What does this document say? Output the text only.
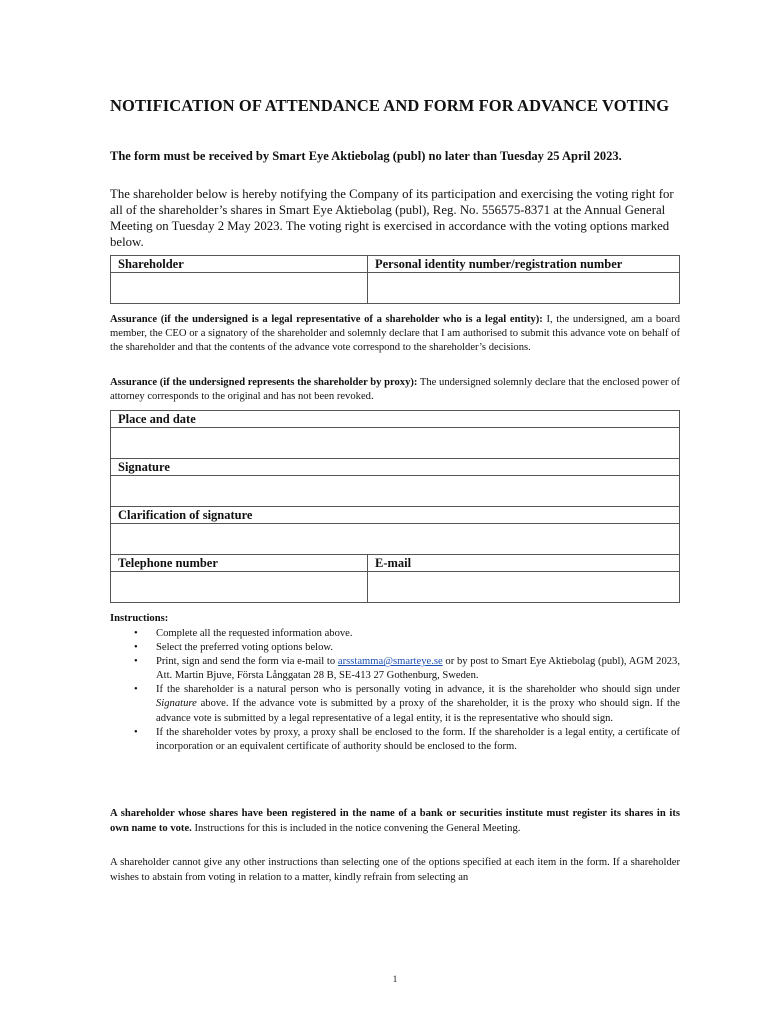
NOTIFICATION OF ATTENDANCE AND FORM FOR ADVANCE VOTING

The form must be received by Smart Eye Aktiebolag (publ) no later than Tuesday 25 April 2023.

The shareholder below is hereby notifying the Company of its participation and exercising the voting right for all of the shareholder’s shares in Smart Eye Aktiebolag (publ), Reg. No. 556575-8371 at the Annual General Meeting on Tuesday 2 May 2023. The voting right is exercised in accordance with the voting options marked below.

Shareholder	Personal identity number/registration number

Assurance (if the undersigned is a legal representative of a shareholder who is a legal entity): I, the undersigned, am a board member, the CEO or a signatory of the shareholder and solemnly declare that I am authorised to submit this advance vote on behalf of the shareholder and that the contents of the advance vote correspond to the shareholder’s decisions.

Assurance (if the undersigned represents the shareholder by proxy): The undersigned solemnly declare that the enclosed power of attorney corresponds to the original and has not been revoked.

Place and date	

Signature	

Clarification of signature	

Telephone number	E-mail

Instructions:

• Complete all the requested information above.
• Select the preferred voting options below.
• Print, sign and send the form via e-mail to arsstamma@smarteye.se or by post to Smart Eye Aktiebolag (publ), AGM 2023, Att. Martin Bjuve, Första Långgatan 28 B, SE-413 27 Gothenburg, Sweden.
• If the shareholder is a natural person who is personally voting in advance, it is the shareholder who should sign under Signature above. If the advance vote is submitted by a proxy of the shareholder, it is the proxy who should sign. If the advance vote is submitted by a legal representative of a legal entity, it is the representative who should sign.
• If the shareholder votes by proxy, a proxy shall be enclosed to the form. If the shareholder is a legal entity, a certificate of incorporation or an equivalent certificate of authority should be enclosed to the form.

A shareholder whose shares have been registered in the name of a bank or securities institute must register its shares in its own name to vote. Instructions for this is included in the notice convening the General Meeting.

A shareholder cannot give any other instructions than selecting one of the options specified at each item in the form. If a shareholder wishes to abstain from voting in relation to a matter, kindly refrain from selecting an

1
